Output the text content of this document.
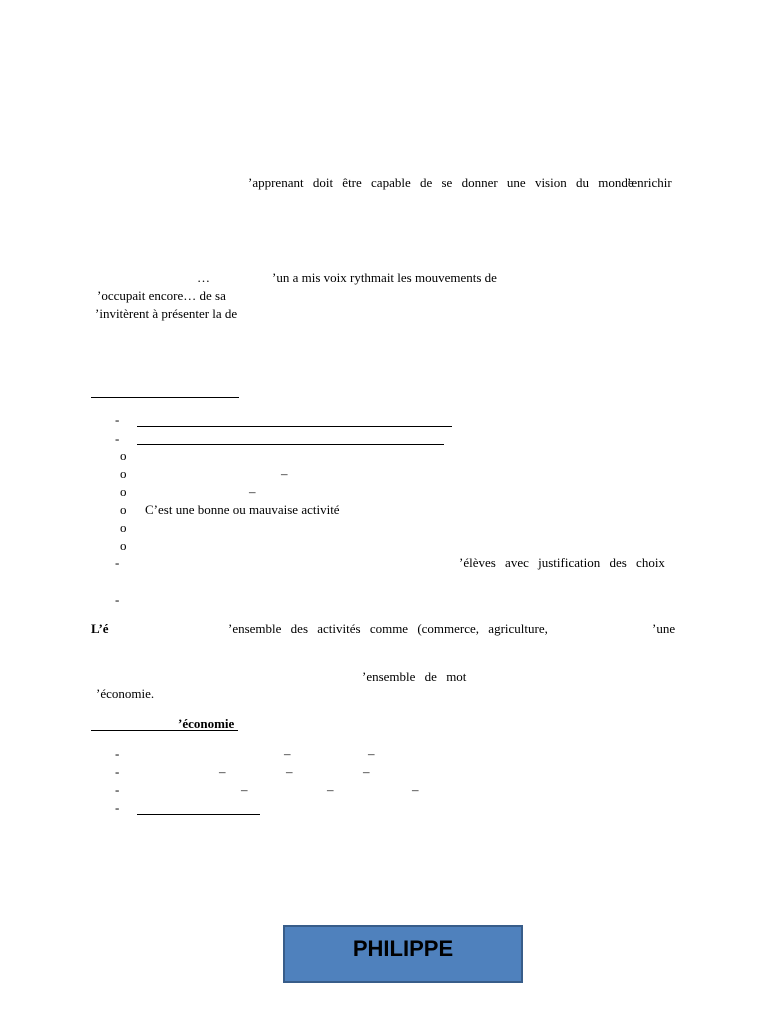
’apprenant doit être capable de se donner une vision du monde
’enrichir
…	’un a mis voix rythmait les mouvements de
’occupait encore… de sa
’invitèrent à présenter la de
-
-
o
o	–
o	–
o C’est une bonne ou mauvaise activité
o
o
-	’élèves avec justification des choix
-
L’é	’ensemble des activités comme (commerce, agriculture,	’une
’ensemble de mot
’économie.
’économie
-	–	–
-	–	–	–
-	–	–	–
-
PHILIPPE
